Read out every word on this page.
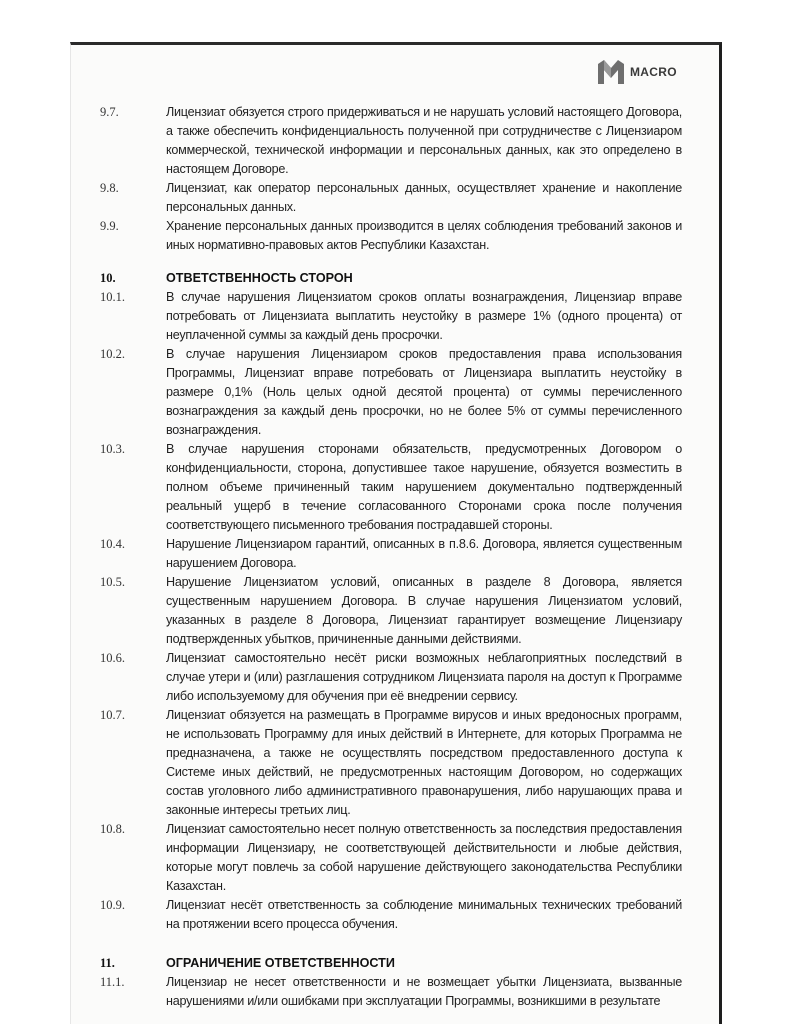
MACRO
9.7.	Лицензиат обязуется строго придерживаться и не нарушать условий настоящего Договора, а также обеспечить конфиденциальность полученной при сотрудничестве с Лицензиаром коммерческой, технической информации и персональных данных, как это определено в настоящем Договоре.
9.8.	Лицензиат, как оператор персональных данных, осуществляет хранение и накопление персональных данных.
9.9.	Хранение персональных данных производится в целях соблюдения требований законов и иных нормативно-правовых актов Республики Казахстан.
10.	ОТВЕТСТВЕННОСТЬ СТОРОН
10.1.	В случае нарушения Лицензиатом сроков оплаты вознаграждения, Лицензиар вправе потребовать от Лицензиата выплатить неустойку в размере 1% (одного процента) от неуплаченной суммы за каждый день просрочки.
10.2.	В случае нарушения Лицензиаром сроков предоставления права использования Программы, Лицензиат вправе потребовать от Лицензиара выплатить неустойку в размере 0,1% (Ноль целых одной десятой процента) от суммы перечисленного вознаграждения за каждый день просрочки, но не более 5% от суммы перечисленного вознаграждения.
10.3.	В случае нарушения сторонами обязательств, предусмотренных Договором о конфиденциальности, сторона, допустившее такое нарушение, обязуется возместить в полном объеме причиненный таким нарушением документально подтвержденный реальный ущерб в течение согласованного Сторонами срока после получения соответствующего письменного требования пострадавшей стороны.
10.4.	Нарушение Лицензиаром гарантий, описанных в п.8.6. Договора, является существенным нарушением Договора.
10.5.	Нарушение Лицензиатом условий, описанных в разделе 8 Договора, является существенным нарушением Договора. В случае нарушения Лицензиатом условий, указанных в разделе 8 Договора, Лицензиат гарантирует возмещение Лицензиару подтвержденных убытков, причиненные данными действиями.
10.6.	Лицензиат самостоятельно несёт риски возможных неблагоприятных последствий в случае утери и (или) разглашения сотрудником Лицензиата пароля на доступ к Программе либо используемому для обучения при её внедрении сервису.
10.7.	Лицензиат обязуется на размещать в Программе вирусов и иных вредоносных программ, не использовать Программу для иных действий в Интернете, для которых Программа не предназначена, а также не осуществлять посредством предоставленного доступа к Системе иных действий, не предусмотренных настоящим Договором, но содержащих состав уголовного либо административного правонарушения, либо нарушающих права и законные интересы третьих лиц.
10.8.	Лицензиат самостоятельно несет полную ответственность за последствия предоставления информации Лицензиару, не соответствующей действительности и любые действия, которые могут повлечь за собой нарушение действующего законодательства Республики Казахстан.
10.9.	Лицензиат несёт ответственность за соблюдение минимальных технических требований на протяжении всего процесса обучения.
11.	ОГРАНИЧЕНИЕ ОТВЕТСТВЕННОСТИ
11.1.	Лицензиар не несет ответственности и не возмещает убытки Лицензиата, вызванные нарушениями и/или ошибками при эксплуатации Программы, возникшими в результате
